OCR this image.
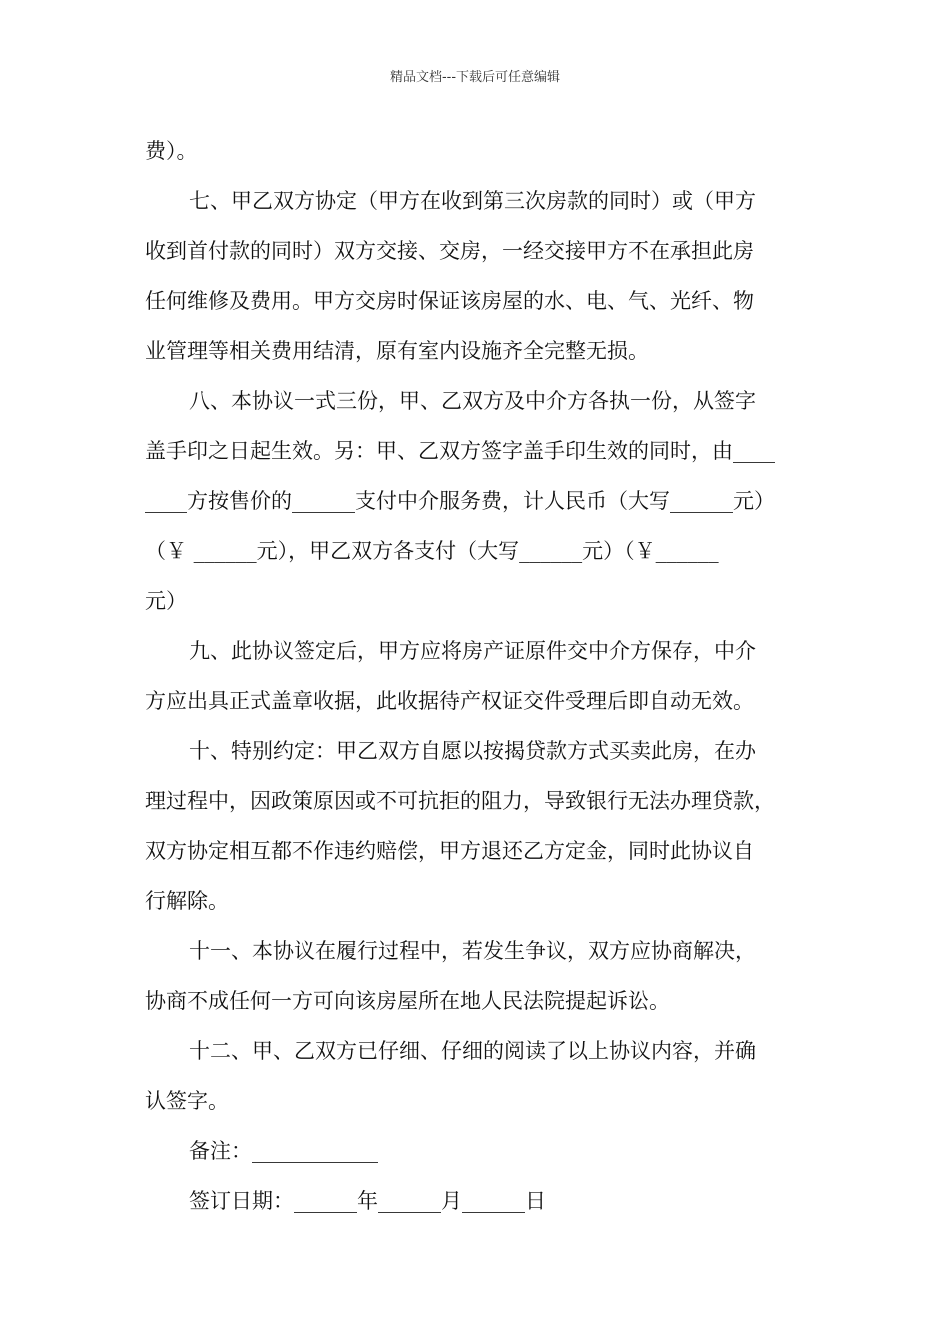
精品文档---下载后可任意编辑
费）。
七、甲乙双方协定（甲方在收到第三次房款的同时）或（甲方
收到首付款的同时）双方交接、交房，一经交接甲方不在承担此房
任何维修及费用。甲方交房时保证该房屋的水、电、气、光纤、物
业管理等相关费用结清，原有室内设施齐全完整无损。
八、本协议一式三份，甲、乙双方及中介方各执一份，从签字
盖手印之日起生效。另：甲、乙双方签字盖手印生效的同时，由____
____方按售价的______支付中介服务费，计人民币（大写______元）
（￥ ______元），甲乙双方各支付（大写______元）（￥______
元）
九、此协议签定后，甲方应将房产证原件交中介方保存，中介
方应出具正式盖章收据，此收据待产权证交件受理后即自动无效。
十、特别约定：甲乙双方自愿以按揭贷款方式买卖此房，在办
理过程中，因政策原因或不可抗拒的阻力，导致银行无法办理贷款，
双方协定相互都不作违约赔偿，甲方退还乙方定金，同时此协议自
行解除。
十一、本协议在履行过程中，若发生争议，双方应协商解决，
协商不成任何一方可向该房屋所在地人民法院提起诉讼。
十二、甲、乙双方已仔细、仔细的阅读了以上协议内容，并确
认签字。
备注：____________
签订日期：______年______月______日
